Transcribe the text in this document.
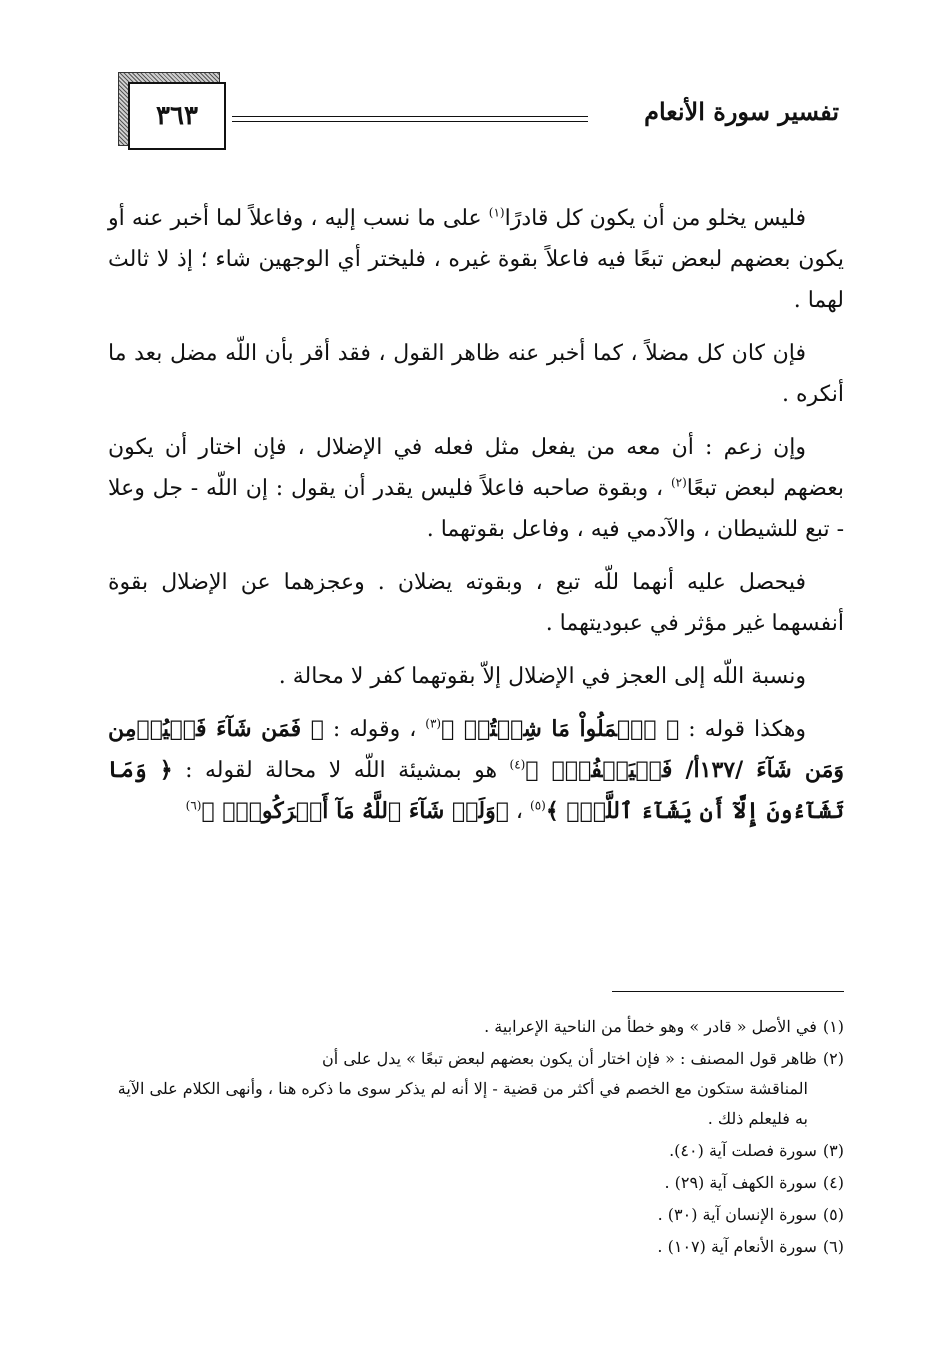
تفسير سورة الأنعام
٣٦٣

فليس يخلو من أن يكون كل قادرًا$^{(١)}$ على ما نسب إليه ، وفاعلاً لما أخبر عنه أو يكون بعضهم لبعض تبعًا فيه فاعلاً بقوة غيره ، فليختر أي الوجهين شاء ؛ إذ لا ثالث لهما .

فإن كان كل مضلاً ، كما أخبر عنه ظاهر القول ، فقد أقر بأن اللّه مضل بعد ما أنكره .

وإن زعم : أن معه من يفعل مثل فعله في الإضلال ، فإن اختار أن يكون بعضهم لبعض تبعًا$^{(٢)}$ ، وبقوة صاحبه فاعلاً فليس يقدر أن يقول : إن اللّه - جل وعلا - تبع للشيطان ، والآدمي فيه ، وفاعل بقوتهما .

فيحصل عليه أنهما للّه تبع ، وبقوته يضلان . وعجزهما عن الإضلال بقوة أنفسهما غير مؤثر في عبوديتهما .

ونسبة اللّه إلى العجز في الإضلال إلاّ بقوتهما كفر لا محالة .

وهكذا قوله : ﴿ ٱعۡمَلُواْ مَا شِئۡتُمۡ ﴾$^{(٣)}$ ، وقوله : ﴿ فَمَن شَآءَ فَلۡيُؤۡمِن وَمَن شَآءَ /١٣٧أ/ فَلۡيَكۡفُرۡۚ ﴾$^{(٤)}$ هو بمشيئة اللّه لا محالة لقوله : ﴿ وَمَا تَشَآءُونَ إِلَّآ أَن يَشَآءَ ٱللَّهُۚ ﴾$^{(٥)}$ ، ﴿وَلَوۡ شَآءَ ٱللَّهُ مَآ أَشۡرَكُواْۗ ﴾$^{(٦)}$

(١)في الأصل « قادر » وهو خطأ من الناحية الإعرابية .
(٢)ظاهر قول المصنف : « فإن اختار أن يكون بعضهم لبعض تبعًا » يدل على أن
المناقشة ستكون مع الخصم في أكثر من قضية - إلا أنه لم يذكر سوى ما ذكره هنا ، وأنهى الكلام على الآية به فليعلم ذلك .
(٣)سورة فصلت آية (٤٠).
(٤)سورة الكهف آية (٢٩) .
(٥)سورة الإنسان آية (٣٠) .
(٦)سورة الأنعام آية (١٠٧) .
